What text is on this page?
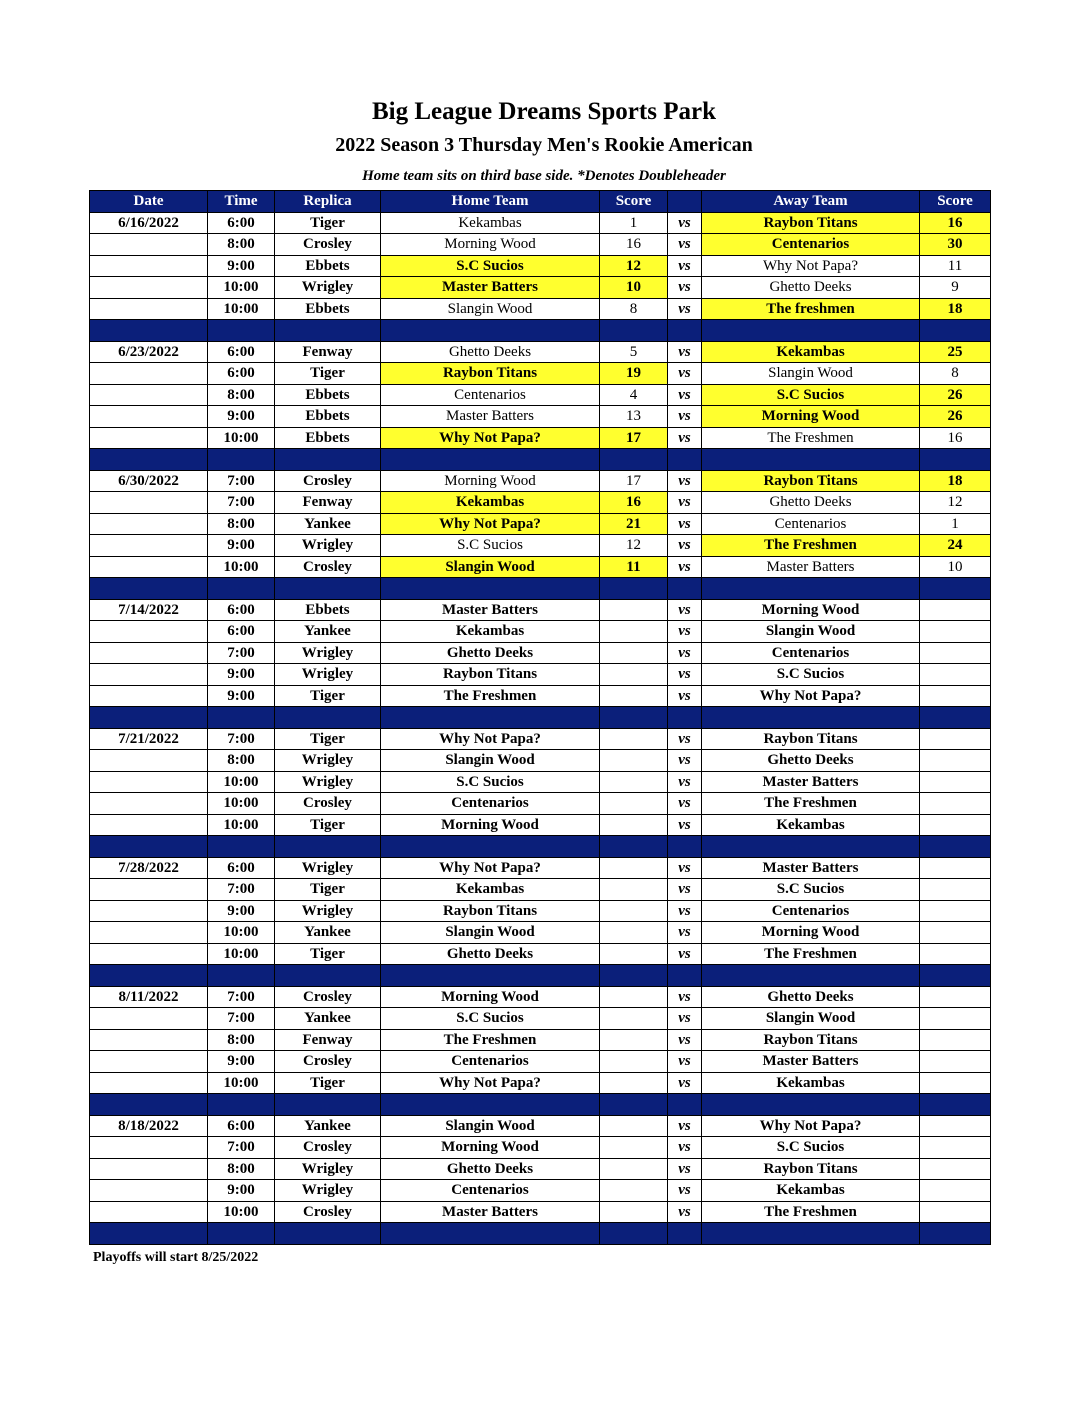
Big League Dreams Sports Park
2022 Season 3 Thursday Men's Rookie American
Home team sits on third base side. *Denotes Doubleheader
Date	Time	Replica	Home Team	Score		Away Team	Score
6/16/2022	6:00	Tiger	Kekambas	1	vs	Raybon Titans	16
	8:00	Crosley	Morning Wood	16	vs	Centenarios	30
	9:00	Ebbets	S.C Sucios	12	vs	Why Not Papa?	11
	10:00	Wrigley	Master Batters	10	vs	Ghetto Deeks	9
	10:00	Ebbets	Slangin Wood	8	vs	The freshmen	18

6/23/2022	6:00	Fenway	Ghetto Deeks	5	vs	Kekambas	25
	6:00	Tiger	Raybon Titans	19	vs	Slangin Wood	8
	8:00	Ebbets	Centenarios	4	vs	S.C Sucios	26
	9:00	Ebbets	Master Batters	13	vs	Morning Wood	26
	10:00	Ebbets	Why Not Papa?	17	vs	The Freshmen	16

6/30/2022	7:00	Crosley	Morning Wood	17	vs	Raybon Titans	18
	7:00	Fenway	Kekambas	16	vs	Ghetto Deeks	12
	8:00	Yankee	Why Not Papa?	21	vs	Centenarios	1
	9:00	Wrigley	S.C Sucios	12	vs	The Freshmen	24
	10:00	Crosley	Slangin Wood	11	vs	Master Batters	10

7/14/2022	6:00	Ebbets	Master Batters		vs	Morning Wood	
	6:00	Yankee	Kekambas		vs	Slangin Wood	
	7:00	Wrigley	Ghetto Deeks		vs	Centenarios	
	9:00	Wrigley	Raybon Titans		vs	S.C Sucios	
	9:00	Tiger	The Freshmen		vs	Why Not Papa?	

7/21/2022	7:00	Tiger	Why Not Papa?		vs	Raybon Titans	
	8:00	Wrigley	Slangin Wood		vs	Ghetto Deeks	
	10:00	Wrigley	S.C Sucios		vs	Master Batters	
	10:00	Crosley	Centenarios		vs	The Freshmen	
	10:00	Tiger	Morning Wood		vs	Kekambas	

7/28/2022	6:00	Wrigley	Why Not Papa?		vs	Master Batters	
	7:00	Tiger	Kekambas		vs	S.C Sucios	
	9:00	Wrigley	Raybon Titans		vs	Centenarios	
	10:00	Yankee	Slangin Wood		vs	Morning Wood	
	10:00	Tiger	Ghetto Deeks		vs	The Freshmen	

8/11/2022	7:00	Crosley	Morning Wood		vs	Ghetto Deeks	
	7:00	Yankee	S.C Sucios		vs	Slangin Wood	
	8:00	Fenway	The Freshmen		vs	Raybon Titans	
	9:00	Crosley	Centenarios		vs	Master Batters	
	10:00	Tiger	Why Not Papa?		vs	Kekambas	

8/18/2022	6:00	Yankee	Slangin Wood		vs	Why Not Papa?	
	7:00	Crosley	Morning Wood		vs	S.C Sucios	
	8:00	Wrigley	Ghetto Deeks		vs	Raybon Titans	
	9:00	Wrigley	Centenarios		vs	Kekambas	
	10:00	Crosley	Master Batters		vs	The Freshmen	

Playoffs will start 8/25/2022
